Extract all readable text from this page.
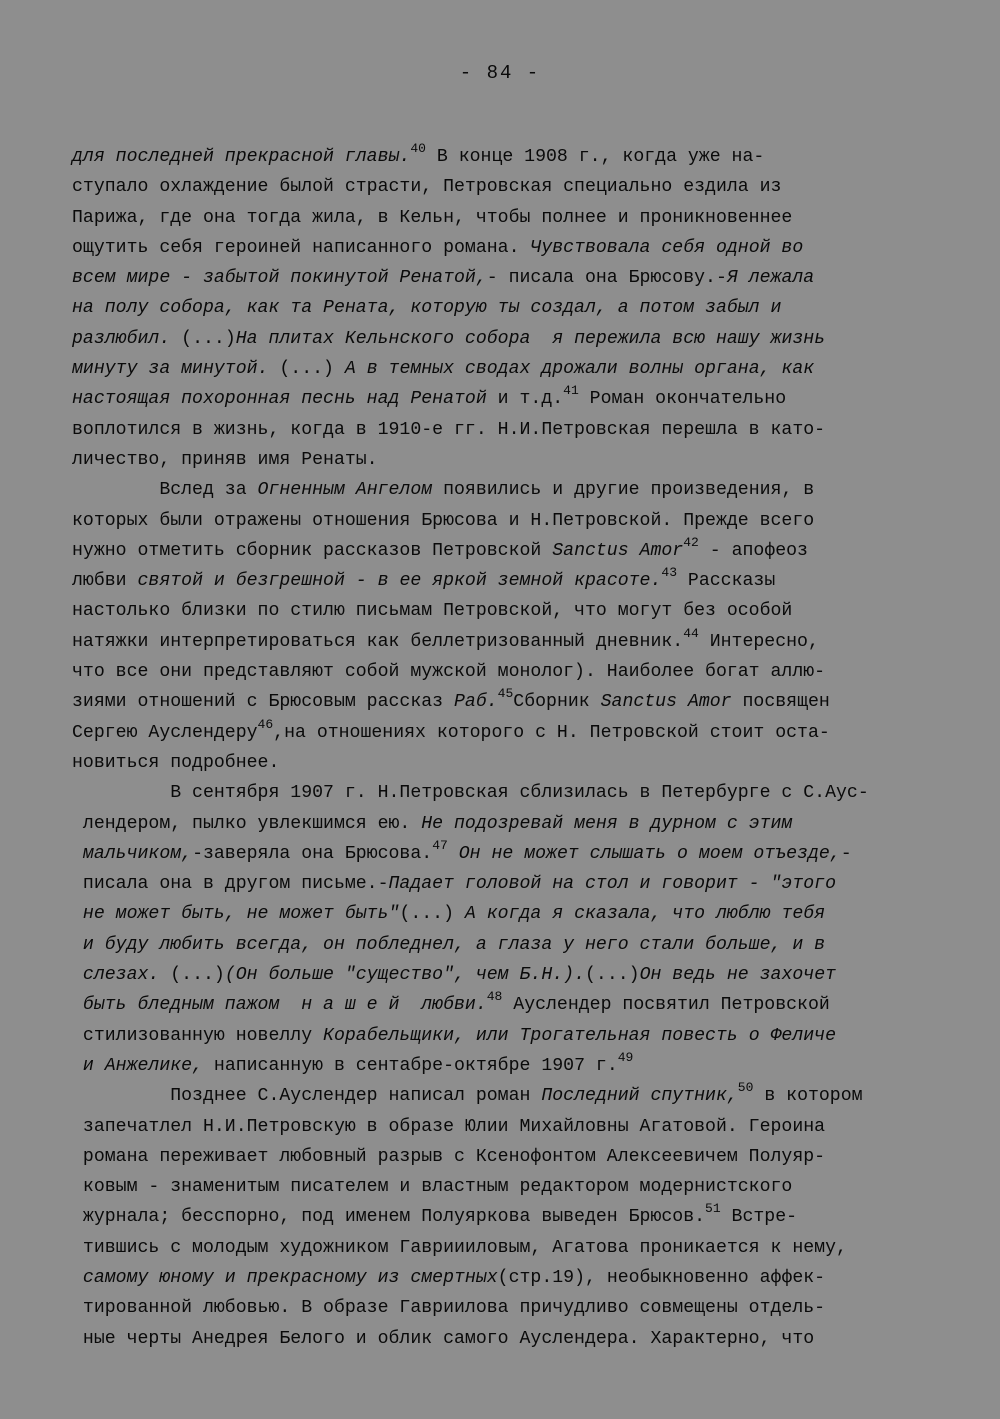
- 84 -
для последней прекрасной главы.$^{40}$ В конце 1908 г., когда уже на-
ступало охлаждение былой страсти, Петровская специально ездила из
Парижа, где она тогда жила, в Кельн, чтобы полнее и проникновеннее
ощутить себя героиней написанного романа. Чувствовала себя одной во
всем мире - забытой покинутой Ренатой,- писала она Брюсову.-Я лежала
на полу собора, как та Рената, которую ты создал, а потом забыл и
разлюбил. (...)На плитах Кельнского собора  я пережила всю нашу жизнь
минуту за минутой. (...) А в темных сводах дрожали волны органа, как
настоящая похоронная песнь над Ренатой и т.д.$^{41}$ Роман окончательно
воплотился в жизнь, когда в 1910-е гг. Н.И.Петровская перешла в като-
личество, приняв имя Ренаты.
Вслед за Огненным Ангелом появились и другие произведения, в
которых были отражены отношения Брюсова и Н.Петровской. Прежде всего
нужно отметить сборник рассказов Петровской Sanctus Amor$^{42}$ - апофеоз
любви святой и безгрешной - в ее яркой земной красоте.$^{43}$ Рассказы
настолько близки по стилю письмам Петровской, что могут без особой
натяжки интерпретироваться как беллетризованный дневник.$^{44}$ Интересно,
что все они представляют собой мужской монолог). Наиболее богат аллю-
зиями отношений с Брюсовым рассказ Раб.$^{45}$Сборник Sanctus Amor посвящен
Сергею Ауслендеру$^{46}$,на отношениях которого с Н. Петровской стоит оста-
новиться подробнее.
В сентября 1907 г. Н.Петровская сблизилась в Петербурге с С.Аус-
лендером, пылко увлекшимся ею. Не подозревай меня в дурном с этим
мальчиком,-заверяла она Брюсова.$^{47}$ Он не может слышать о моем отъезде,-
писала она в другом письме.-Падает головой на стол и говорит - "этого
не может быть, не может быть"(...) А когда я сказала, что люблю тебя
и буду любить всегда, он побледнел, а глаза у него стали больше, и в
слезах. (...)(Он больше "существо", чем Б.Н.).(...)Он ведь не захочет
быть бледным пажом  н а ш е й  любви.$^{48}$ Ауслендер посвятил Петровской
стилизованную новеллу Корабельщики, или Трогательная повесть о Феличе
и Анжелике, написанную в сентабре-октябре 1907 г.$^{49}$
Позднее С.Ауслендер написал роман Последний спутник,$^{50}$ в котором
запечатлел Н.И.Петровскую в образе Юлии Михайловны Агатовой. Героина
романа переживает любовный разрыв с Ксенофонтом Алексеевичем Полуяр-
ковым - знаменитым писателем и властным редактором модернистского
журнала; бесспорно, под именем Полуяркова выведен Брюсов.$^{51}$ Встре-
тившись с молодым художником Гавриииловым, Агатова проникается к нему,
самому юному и прекрасному из смертных(стр.19), необыкновенно аффек-
тированной любовью. В образе Гавриилова причудливо совмещены отдель-
ные черты Анедрея Белого и облик самого Ауслендера. Характерно, что
